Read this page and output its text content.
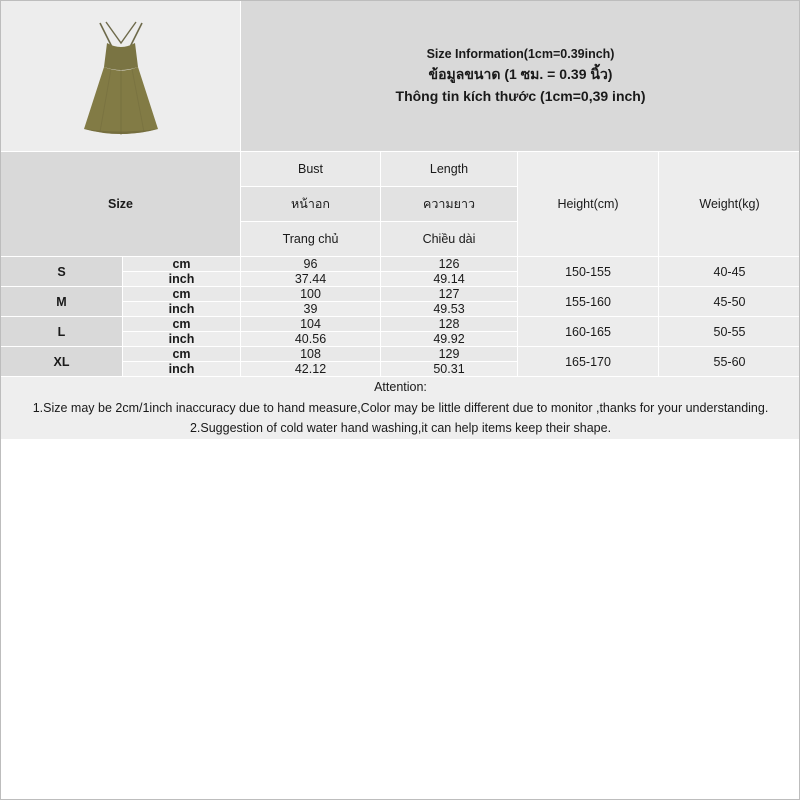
Size Information(1cm=0.39inch)
ข้อมูลขนาด (1 ซม. = 0.39 นิ้ว)
Thông tin kích thước (1cm=0,39 inch)			

Size		Bust	Length	Height(cm)	Weight(kg)
		หน้าอก	ความยาว		
		Trang chủ	Chiều dài		
S	cm	96	126	150-155	40-45
	inch	37.44	49.14		
M	cm	100	127	155-160	45-50
	inch	39	49.53		
L	cm	104	128	160-165	50-55
	inch	40.56	49.92		
XL	cm	108	129	165-170	55-60
	inch	42.12	50.31		

Attention:
1.Size may be 2cm/1inch inaccuracy due to hand measure,Color may be little different due to monitor ,thanks for your understanding.
2.Suggestion of cold water hand washing,it can help items keep their shape.					
